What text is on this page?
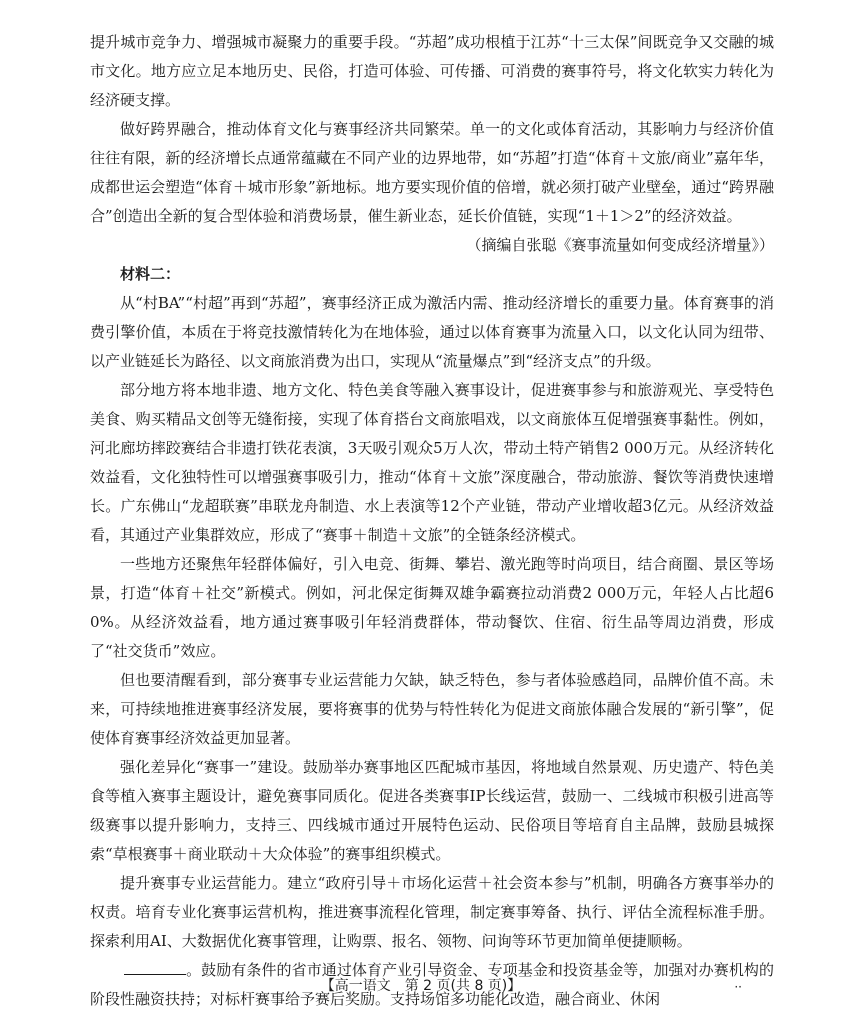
提升城市竞争力、增强城市凝聚力的重要手段。“苏超”成功根植于江苏“十三太保”间既竞争又交融的城市文化。地方应立足本地历史、民俗，打造可体验、可传播、可消费的赛事符号，将文化软实力转化为经济硬支撑。

做好跨界融合，推动体育文化与赛事经济共同繁荣。单一的文化或体育活动，其影响力与经济价值往往有限，新的经济增长点通常蕴藏在不同产业的边界地带，如“苏超”打造“体育＋文旅/商业”嘉年华，成都世运会塑造“体育＋城市形象”新地标。地方要实现价值的倍增，就必须打破产业壁垒，通过“跨界融合”创造出全新的复合型体验和消费场景，催生新业态，延长价值链，实现“1＋1＞2”的经济效益。

（摘编自张聪《赛事流量如何变成经济增量》）

材料二：

从“村BA”“村超”再到“苏超”，赛事经济正成为激活内需、推动经济增长的重要力量。体育赛事的消费引擎价值，本质在于将竞技激情转化为在地体验，通过以体育赛事为流量入口，以文化认同为纽带、以产业链延长为路径、以文商旅消费为出口，实现从“流量爆点”到“经济支点”的升级。

部分地方将本地非遗、地方文化、特色美食等融入赛事设计，促进赛事参与和旅游观光、享受特色美食、购买精品文创等无缝衔接，实现了体育搭台文商旅唱戏，以文商旅体互促增强赛事黏性。例如，河北廊坊摔跤赛结合非遗打铁花表演，3天吸引观众5万人次，带动土特产销售2 000万元。从经济转化效益看，文化独特性可以增强赛事吸引力，推动“体育＋文旅”深度融合，带动旅游、餐饮等消费快速增长。广东佛山“龙超联赛”串联龙舟制造、水上表演等12个产业链，带动产业增收超3亿元。从经济效益看，其通过产业集群效应，形成了“赛事＋制造＋文旅”的全链条经济模式。

一些地方还聚焦年轻群体偏好，引入电竞、街舞、攀岩、激光跑等时尚项目，结合商圈、景区等场景，打造“体育＋社交”新模式。例如，河北保定街舞双雄争霸赛拉动消费2 000万元，年轻人占比超60%。从经济效益看，地方通过赛事吸引年轻消费群体，带动餐饮、住宿、衍生品等周边消费，形成了“社交货币”效应。

但也要清醒看到，部分赛事专业运营能力欠缺，缺乏特色，参与者体验感趋同，品牌价值不高。未来，可持续地推进赛事经济发展，要将赛事的优势与特性转化为促进文商旅体融合发展的“新引擎”，促使体育赛事经济效益更加显著。

强化差异化“赛事一”建设。鼓励举办赛事地区匹配城市基因，将地域自然景观、历史遗产、特色美食等植入赛事主题设计，避免赛事同质化。促进各类赛事IP长线运营，鼓励一、二线城市积极引进高等级赛事以提升影响力，支持三、四线城市通过开展特色运动、民俗项目等培育自主品牌，鼓励县城探索“草根赛事＋商业联动＋大众体验”的赛事组织模式。

提升赛事专业运营能力。建立“政府引导＋市场化运营＋社会资本参与”机制，明确各方赛事举办的权责。培育专业化赛事运营机构，推进赛事流程化管理，制定赛事筹备、执行、评估全流程标准手册。探索利用AI、大数据优化赛事管理，让购票、报名、领物、问询等环节更加简单便捷顺畅。

。鼓励有条件的省市通过体育产业引导资金、专项基金和投资基金等，加强对办赛机构的阶段性融资扶持；对标杆赛事给予赛后奖励。支持场馆多功能化改造，融合商业、休闲

【高一语文　第 2 页(共 8 页)】	··
